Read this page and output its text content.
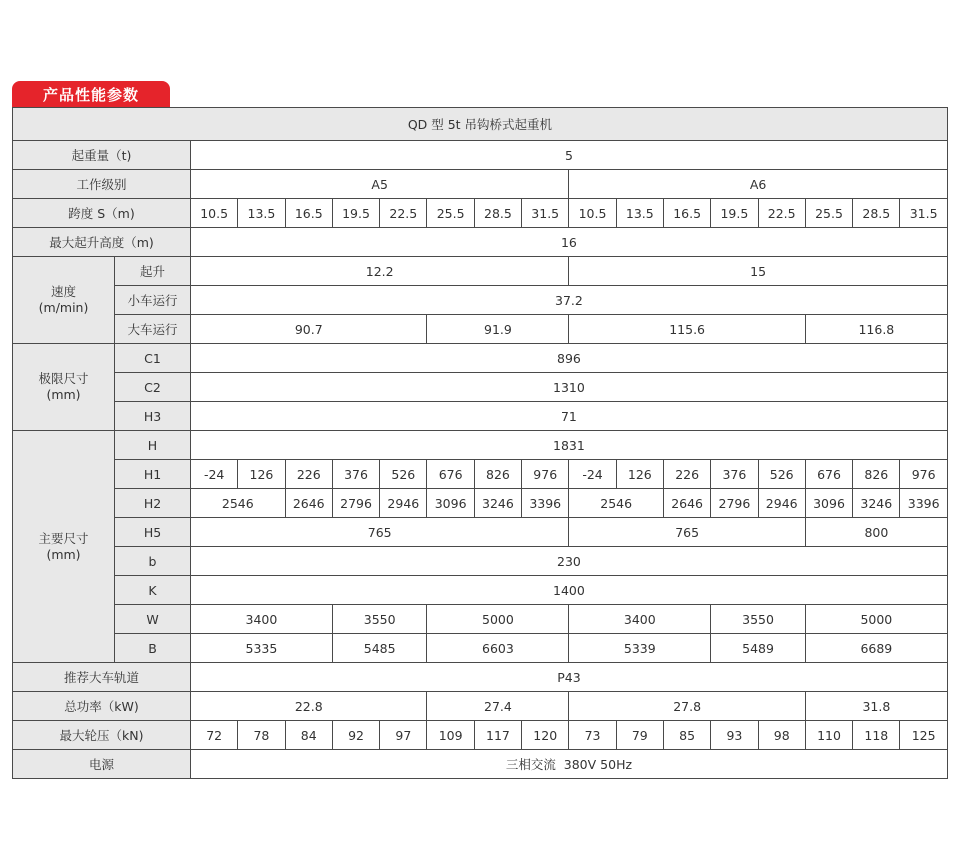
产品性能参数
QD 型 5t 吊钩桥式起重机																	
起重量（t)		5															
工作级别		A5								A6							
跨度 S（m)		10.5	13.5	16.5	19.5	22.5	25.5	28.5	31.5	10.5	13.5	16.5	19.5	22.5	25.5	28.5	31.5
最大起升高度（m)		16															
速度
(m/min)	起升	12.2								15							
	小车运行	37.2															
	大车运行	90.7					91.9			115.6					116.8		
极限尺寸
(mm)	C1	896															
	C2	1310															
	H3	71															
主要尺寸
(mm)	H	1831															
	H1	-24	126	226	376	526	676	826	976	-24	126	226	376	526	676	826	976
	H2	2546		2646	2796	2946	3096	3246	3396	2546		2646	2796	2946	3096	3246	3396
	H5	765								765					800		
	b	230															
	K	1400															
	W	3400			3550		5000			3400			3550		5000		
	B	5335			5485		6603			5339			5489		6689		
推荐大车轨道		P43															
总功率（kW)		22.8					27.4			27.8					31.8		
最大轮压（kN)		72	78	84	92	97	109	117	120	73	79	85	93	98	110	118	125
电源		三相交流  380V 50Hz															
